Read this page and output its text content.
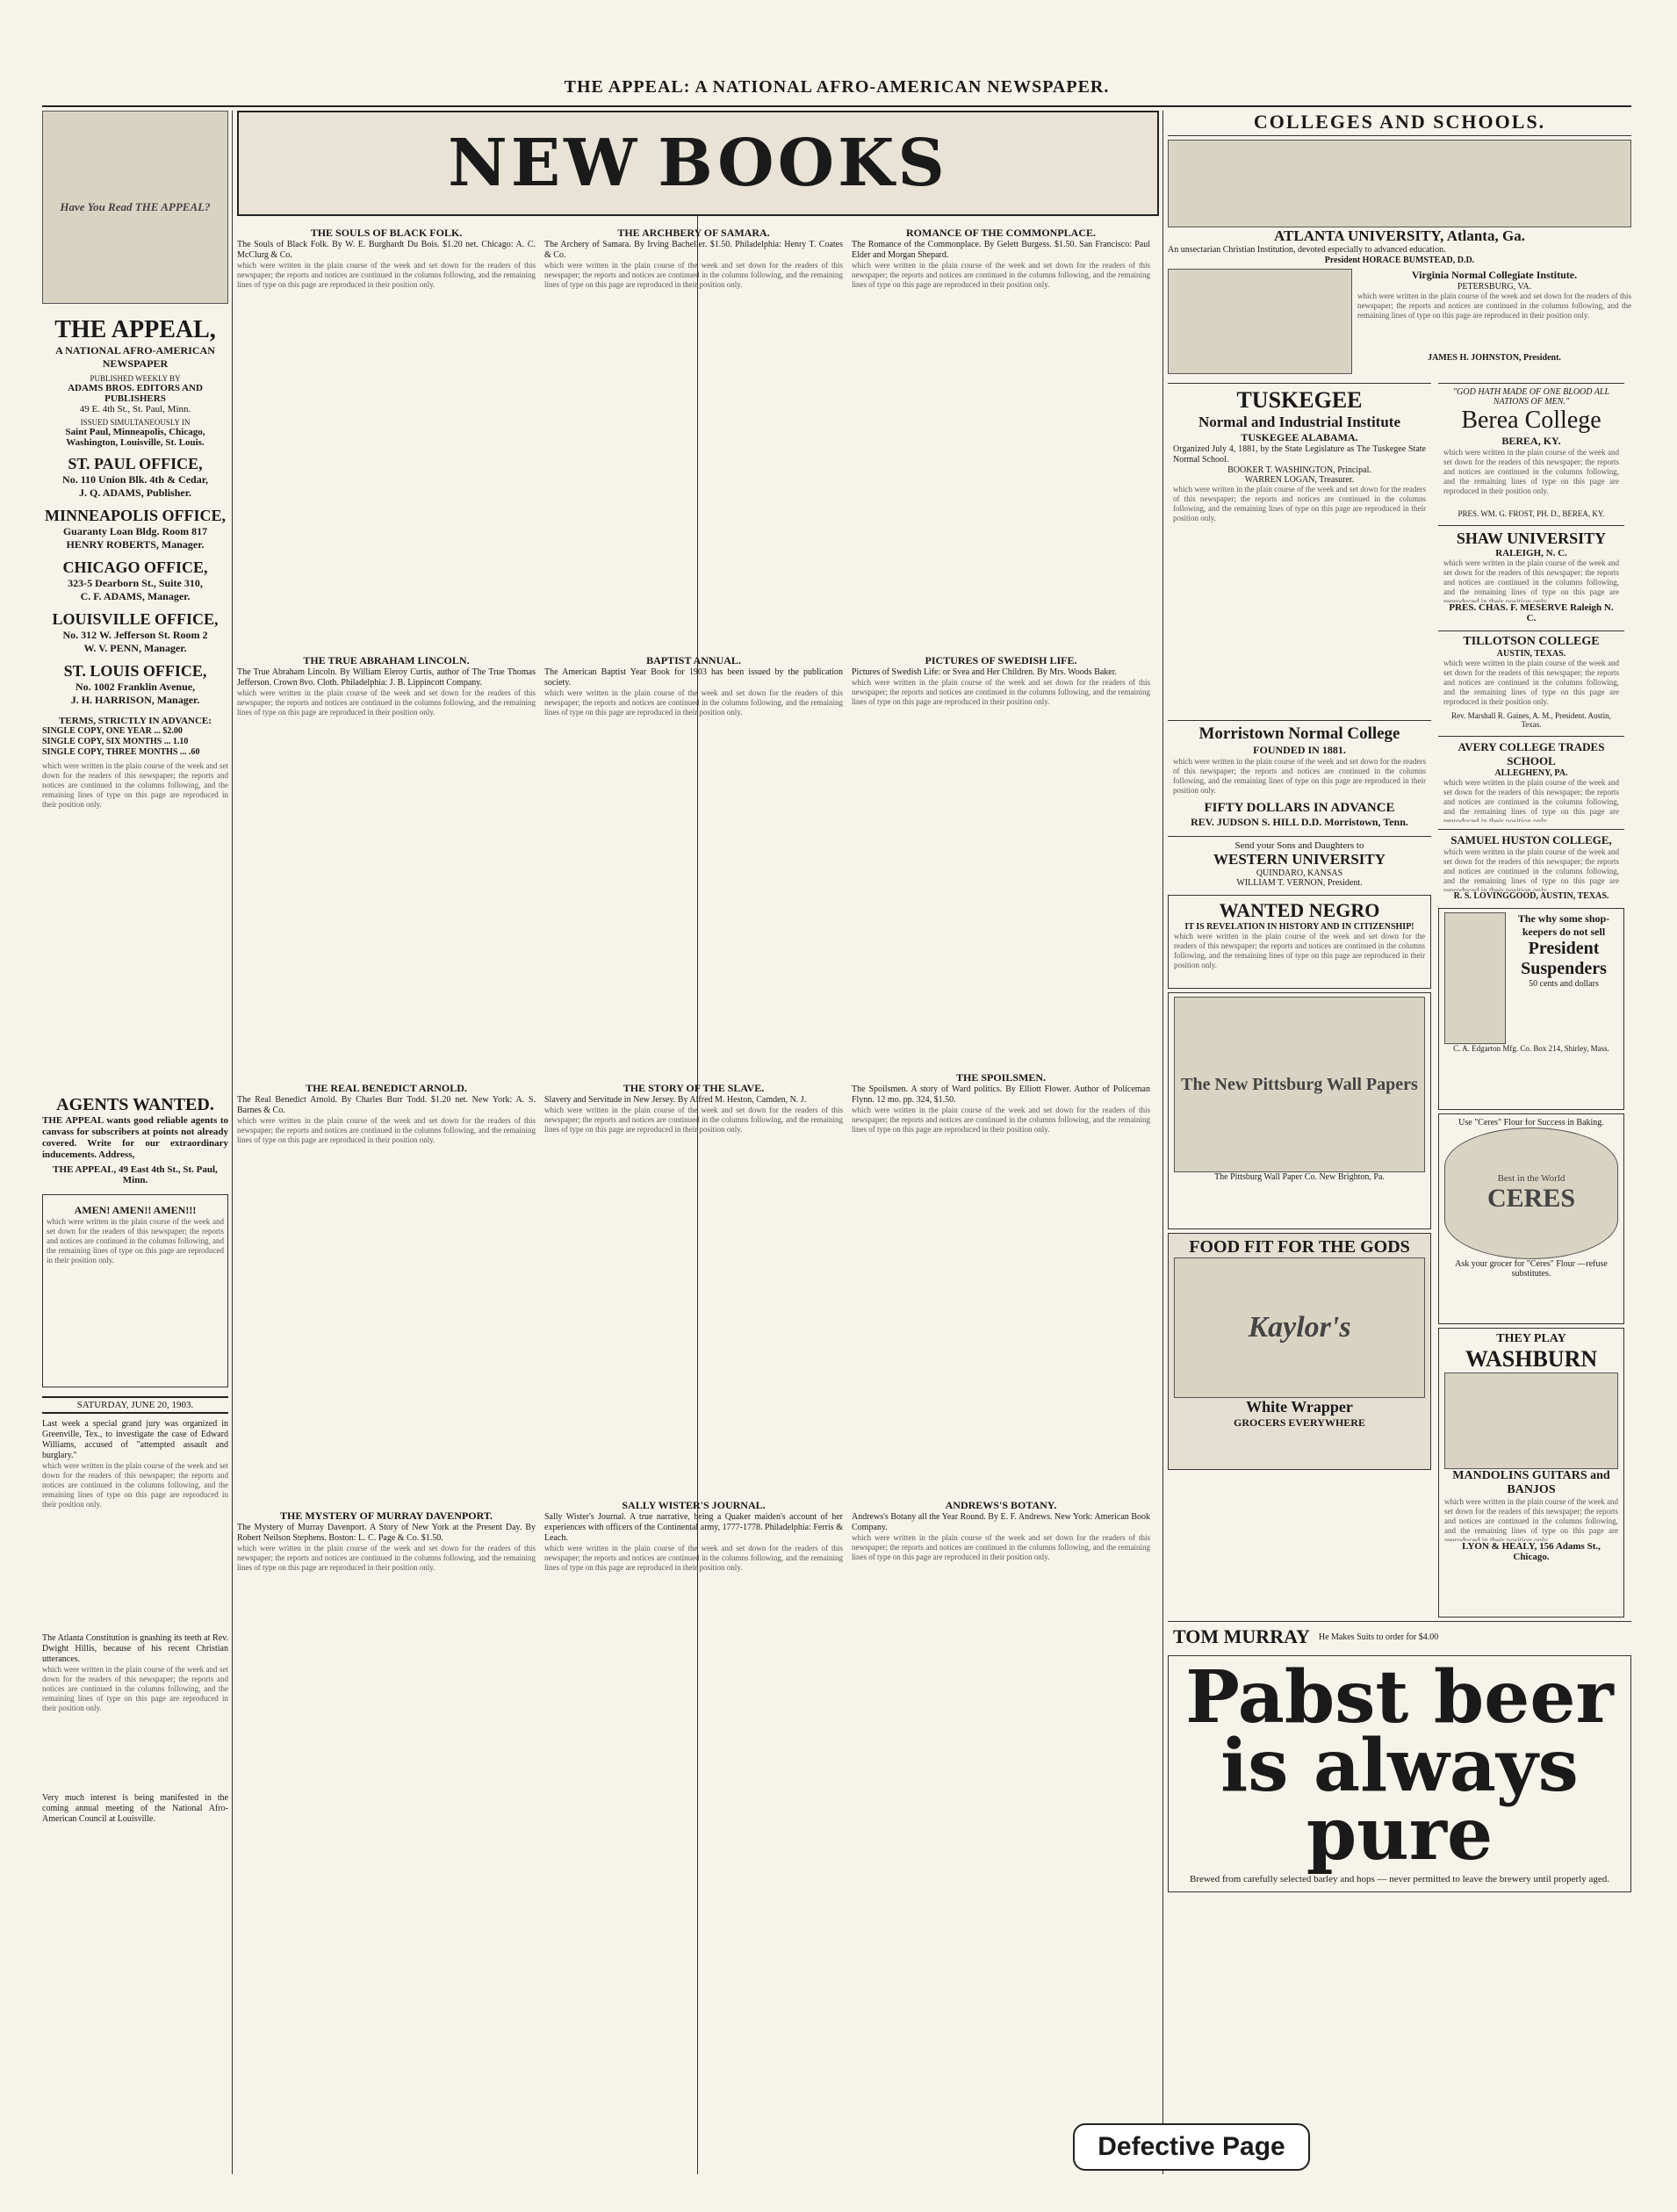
THE APPEAL: A NATIONAL AFRO-AMERICAN NEWSPAPER.
Have You Read THE APPEAL?
THE APPEAL,
A NATIONAL AFRO-AMERICAN NEWSPAPER
PUBLISHED WEEKLY BY
ADAMS BROS. EDITORS AND PUBLISHERS
49 E. 4th St., St. Paul, Minn.
ISSUED SIMULTANEOUSLY IN
Saint Paul, Minneapolis, Chicago, Washington, Louisville, St. Louis.
ST. PAUL OFFICE,
No. 110 Union Blk. 4th & Cedar,
J. Q. ADAMS, Publisher.
MINNEAPOLIS OFFICE,
Guaranty Loan Bldg. Room 817
HENRY ROBERTS, Manager.
CHICAGO OFFICE,
323-5 Dearborn St., Suite 310,
C. F. ADAMS, Manager.
LOUISVILLE OFFICE,
No. 312 W. Jefferson St. Room 2
W. V. PENN, Manager.
ST. LOUIS OFFICE,
No. 1002 Franklin Avenue,
J. H. HARRISON, Manager.
TERMS, STRICTLY IN ADVANCE:
SINGLE COPY, ONE YEAR ... $2.00
SINGLE COPY, SIX MONTHS ... 1.10
SINGLE COPY, THREE MONTHS ... .60
which were written in the plain course of the week and set down for the readers of this newspaper; the reports and notices are continued in the columns following, and the remaining lines of type on this page are reproduced in their position only.
AGENTS WANTED.
THE APPEAL wants good reliable agents to canvass for subscribers at points not already covered. Write for our extraordinary inducements. Address,
THE APPEAL, 49 East 4th St., St. Paul, Minn.
AMEN! AMEN!! AMEN!!!
which were written in the plain course of the week and set down for the readers of this newspaper; the reports and notices are continued in the columns following, and the remaining lines of type on this page are reproduced in their position only.
SATURDAY, JUNE 20, 1903.
Last week a special grand jury was organized in Greenville, Tex., to investigate the case of Edward Williams, accused of "attempted assault and burglary."
which were written in the plain course of the week and set down for the readers of this newspaper; the reports and notices are continued in the columns following, and the remaining lines of type on this page are reproduced in their position only.
The Atlanta Constitution is gnashing its teeth at Rev. Dwight Hillis, because of his recent Christian utterances.
which were written in the plain course of the week and set down for the readers of this newspaper; the reports and notices are continued in the columns following, and the remaining lines of type on this page are reproduced in their position only.
Very much interest is being manifested in the coming annual meeting of the National Afro-American Council at Louisville.
NEW BOOKS
THE SOULS OF BLACK FOLK.
The Souls of Black Folk. By W. E. Burghardt Du Bois. $1.20 net. Chicago: A. C. McClurg & Co.
which were written in the plain course of the week and set down for the readers of this newspaper; the reports and notices are continued in the columns following, and the remaining lines of type on this page are reproduced in their position only.
THE TRUE ABRAHAM LINCOLN.
The True Abraham Lincoln. By William Eleroy Curtis, author of The True Thomas Jefferson. Crown 8vo. Cloth. Philadelphia: J. B. Lippincott Company.
which were written in the plain course of the week and set down for the readers of this newspaper; the reports and notices are continued in the columns following, and the remaining lines of type on this page are reproduced in their position only.
THE REAL BENEDICT ARNOLD.
The Real Benedict Arnold. By Charles Burr Todd. $1.20 net. New York: A. S. Barnes & Co.
which were written in the plain course of the week and set down for the readers of this newspaper; the reports and notices are continued in the columns following, and the remaining lines of type on this page are reproduced in their position only.
THE MYSTERY OF MURRAY DAVENPORT.
The Mystery of Murray Davenport. A Story of New York at the Present Day. By Robert Neilson Stephens. Boston: L. C. Page & Co. $1.50.
which were written in the plain course of the week and set down for the readers of this newspaper; the reports and notices are continued in the columns following, and the remaining lines of type on this page are reproduced in their position only.
THE ARCHBERY OF SAMARA.
The Archery of Samara. By Irving Bacheller. $1.50. Philadelphia: Henry T. Coates & Co.
which were written in the plain course of the week and set down for the readers of this newspaper; the reports and notices are continued in the columns following, and the remaining lines of type on this page are reproduced in their position only.
BAPTIST ANNUAL.
The American Baptist Year Book for 1903 has been issued by the publication society.
which were written in the plain course of the week and set down for the readers of this newspaper; the reports and notices are continued in the columns following, and the remaining lines of type on this page are reproduced in their position only.
THE STORY OF THE SLAVE.
Slavery and Servitude in New Jersey. By Alfred M. Heston, Camden, N. J.
which were written in the plain course of the week and set down for the readers of this newspaper; the reports and notices are continued in the columns following, and the remaining lines of type on this page are reproduced in their position only.
SALLY WISTER'S JOURNAL.
Sally Wister's Journal. A true narrative, being a Quaker maiden's account of her experiences with officers of the Continental army, 1777-1778. Philadelphia: Ferris & Leach.
which were written in the plain course of the week and set down for the readers of this newspaper; the reports and notices are continued in the columns following, and the remaining lines of type on this page are reproduced in their position only.
ROMANCE OF THE COMMONPLACE.
The Romance of the Commonplace. By Gelett Burgess. $1.50. San Francisco: Paul Elder and Morgan Shepard.
which were written in the plain course of the week and set down for the readers of this newspaper; the reports and notices are continued in the columns following, and the remaining lines of type on this page are reproduced in their position only.
PICTURES OF SWEDISH LIFE.
Pictures of Swedish Life: or Svea and Her Children. By Mrs. Woods Baker.
which were written in the plain course of the week and set down for the readers of this newspaper; the reports and notices are continued in the columns following, and the remaining lines of type on this page are reproduced in their position only.
THE SPOILSMEN.
The Spoilsmen. A story of Ward politics. By Elliott Flower. Author of Policeman Flynn. 12 mo. pp. 324, $1.50.
which were written in the plain course of the week and set down for the readers of this newspaper; the reports and notices are continued in the columns following, and the remaining lines of type on this page are reproduced in their position only.
ANDREWS'S BOTANY.
Andrews's Botany all the Year Round. By E. F. Andrews. New York: American Book Company.
which were written in the plain course of the week and set down for the readers of this newspaper; the reports and notices are continued in the columns following, and the remaining lines of type on this page are reproduced in their position only.
COLLEGES AND SCHOOLS.
ATLANTA UNIVERSITY, Atlanta, Ga.
An unsectarian Christian Institution, devoted especially to advanced education.
President HORACE BUMSTEAD, D.D.
Virginia Normal Collegiate Institute.
PETERSBURG, VA.
which were written in the plain course of the week and set down for the readers of this newspaper; the reports and notices are continued in the columns following, and the remaining lines of type on this page are reproduced in their position only.
JAMES H. JOHNSTON, President.
TUSKEGEE
Normal and Industrial Institute
TUSKEGEE ALABAMA.
Organized July 4, 1881, by the State Legislature as The Tuskegee State Normal School.
BOOKER T. WASHINGTON, Principal.
WARREN LOGAN, Treasurer.
which were written in the plain course of the week and set down for the readers of this newspaper; the reports and notices are continued in the columns following, and the remaining lines of type on this page are reproduced in their position only.
Morristown Normal College
FOUNDED IN 1881.
which were written in the plain course of the week and set down for the readers of this newspaper; the reports and notices are continued in the columns following, and the remaining lines of type on this page are reproduced in their position only.
FIFTY DOLLARS IN ADVANCE
REV. JUDSON S. HILL D.D. Morristown, Tenn.
Send your Sons and Daughters to
WESTERN UNIVERSITY
QUINDARO, KANSAS
WILLIAM T. VERNON, President.
WANTED NEGRO
IT IS REVELATION IN HISTORY AND IN CITIZENSHIP!
which were written in the plain course of the week and set down for the readers of this newspaper; the reports and notices are continued in the columns following, and the remaining lines of type on this page are reproduced in their position only.
The New Pittsburg Wall Papers
The Pittsburg Wall Paper Co. New Brighton, Pa.
FOOD FIT FOR THE GODS
Kaylor's
White Wrapper
GROCERS EVERYWHERE
"GOD HATH MADE OF ONE BLOOD ALL NATIONS OF MEN."
Berea College
BEREA, KY.
which were written in the plain course of the week and set down for the readers of this newspaper; the reports and notices are continued in the columns following, and the remaining lines of type on this page are reproduced in their position only.
PRES. WM. G. FROST, PH. D., BEREA, KY.
SHAW UNIVERSITY
RALEIGH, N. C.
which were written in the plain course of the week and set down for the readers of this newspaper; the reports and notices are continued in the columns following, and the remaining lines of type on this page are reproduced in their position only.
PRES. CHAS. F. MESERVE Raleigh N. C.
TILLOTSON COLLEGE
AUSTIN, TEXAS.
which were written in the plain course of the week and set down for the readers of this newspaper; the reports and notices are continued in the columns following, and the remaining lines of type on this page are reproduced in their position only.
Rev. Marshall R. Gaines, A. M., President. Austin, Texas.
AVERY COLLEGE TRADES SCHOOL
ALLEGHENY, PA.
which were written in the plain course of the week and set down for the readers of this newspaper; the reports and notices are continued in the columns following, and the remaining lines of type on this page are reproduced in their position only.
SAMUEL HUSTON COLLEGE,
which were written in the plain course of the week and set down for the readers of this newspaper; the reports and notices are continued in the columns following, and the remaining lines of type on this page are reproduced in their position only.
R. S. LOVINGGOOD, AUSTIN, TEXAS.
The why some shop-keepers do not sell
President Suspenders
50 cents and dollars
C. A. Edgarton Mfg. Co. Box 214, Shirley, Mass.
Use "Ceres" Flour for Success in Baking.
Best in the World
CERES
Ask your grocer for "Ceres" Flour —refuse substitutes.
THEY PLAY
WASHBURN
MANDOLINS GUITARS and BANJOS
which were written in the plain course of the week and set down for the readers of this newspaper; the reports and notices are continued in the columns following, and the remaining lines of type on this page are reproduced in their position only.
LYON & HEALY, 156 Adams St., Chicago.
TOM MURRAY He Makes Suits to order for $4.00
Pabst beer
is always pure
Brewed from carefully selected barley and hops — never permitted to leave the brewery until properly aged.
Defective Page
